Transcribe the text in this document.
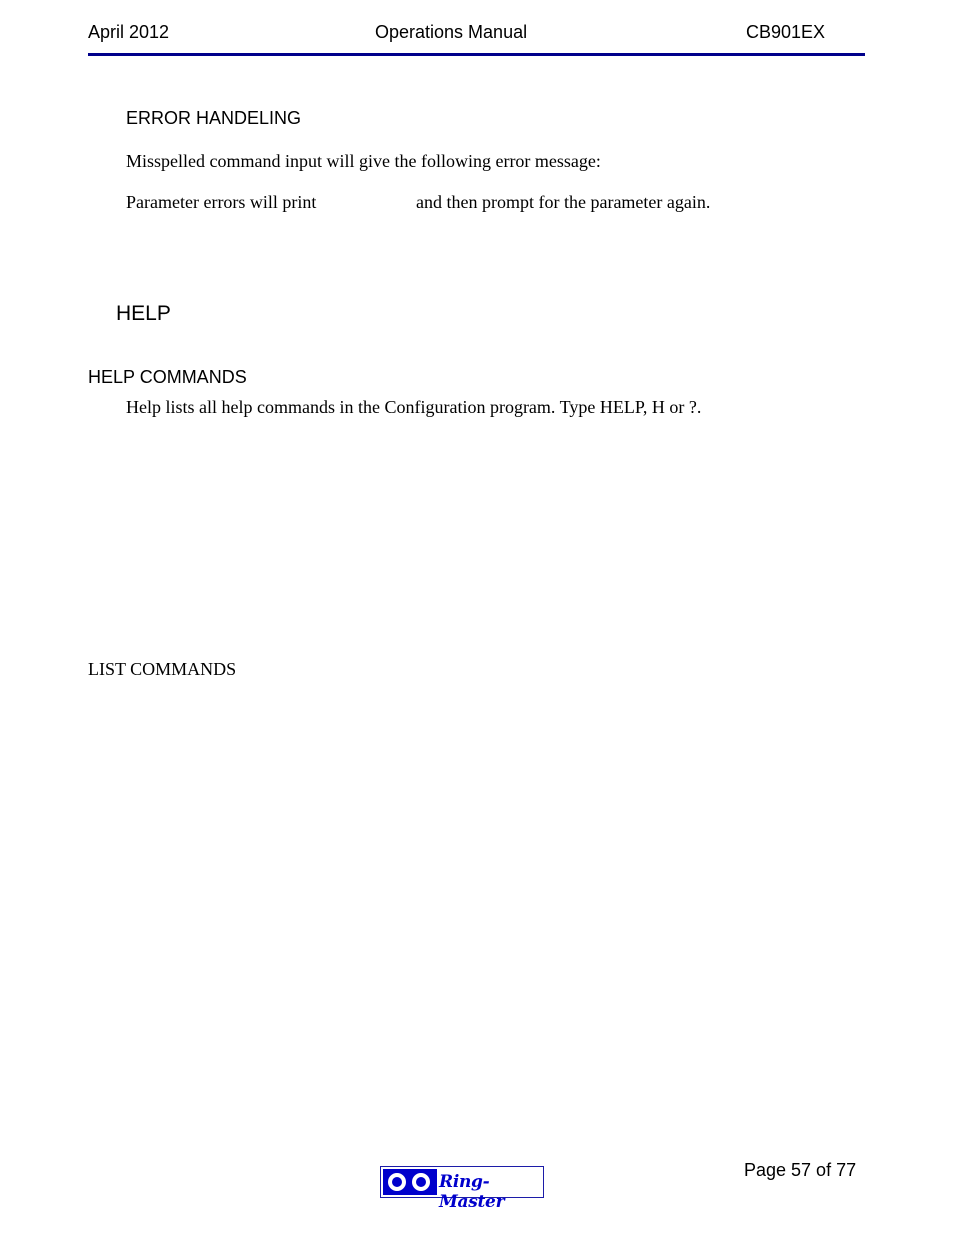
April 2012	Operations Manual	CB901EX
ERROR HANDELING
Misspelled command input will give the following error message:
Parameter errors will print	and then prompt for the parameter again.
HELP
HELP COMMANDS
Help lists all help commands in the Configuration program. Type HELP, H or ?.
LIST COMMANDS
Ring-Master
Page 57 of 77
